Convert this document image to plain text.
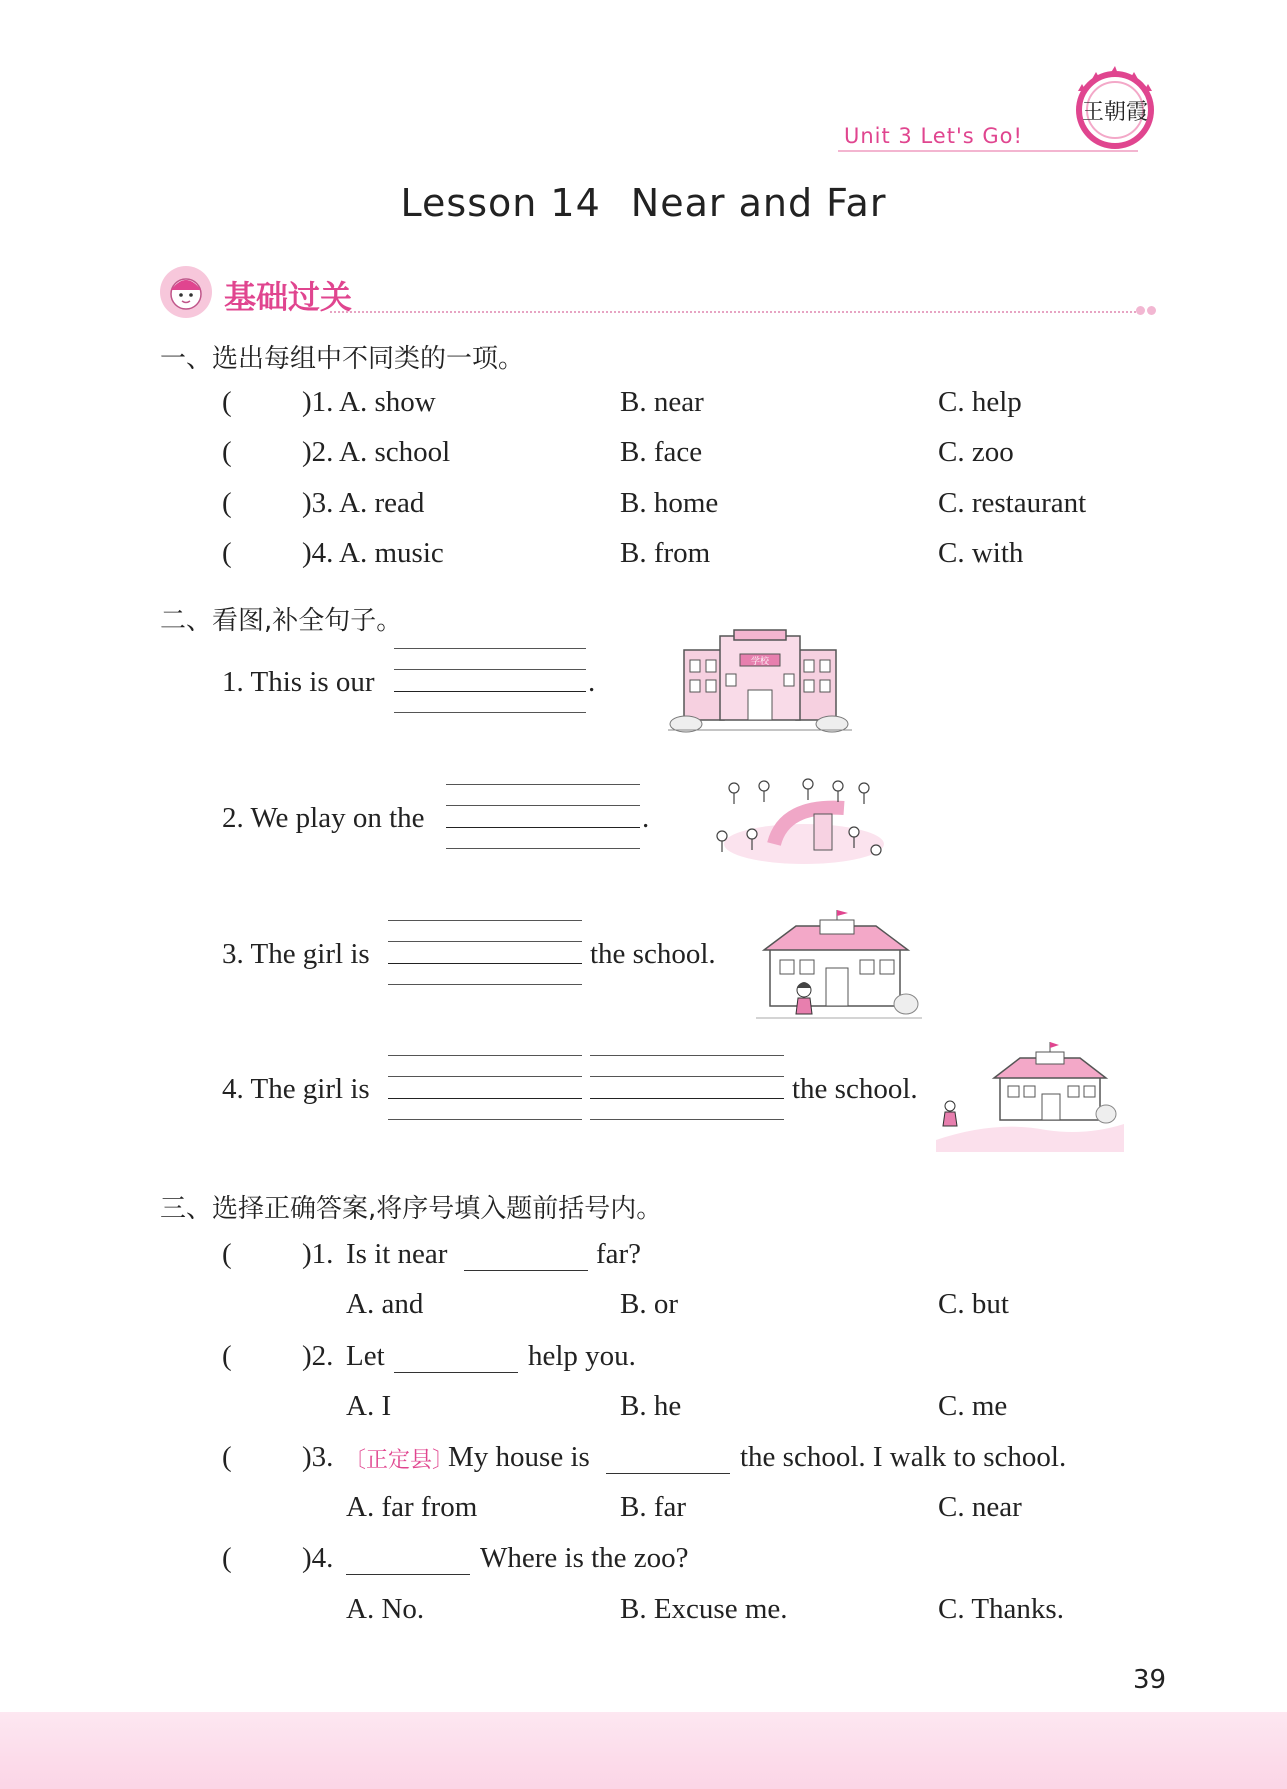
Unit 3 Let's Go!
王朝霞
Lesson 14 Near and Far
基础过关
一、选出每组中不同类的一项。
( )1. A. show	B. near	C. help
( )2. A. school	B. face	C. zoo
( )3. A. read	B. home	C. restaurant
( )4. A. music	B. from	C. with
二、看图,补全句子。
1. This is our	.
学校
2. We play on the	.
3. The girl is	the school.
4. The girl is	the school.
三、选择正确答案,将序号填入题前括号内。
( )1. Is it near	far?
A. and	B. or	C. but
( )2. Let	help you.
A. I	B. he	C. me
( )3. 〔正定县〕
My house is	the school. I walk to school.
A. far from	B. far	C. near
( )4.	Where is the zoo?
A. No.	B. Excuse me.	C. Thanks.
39
